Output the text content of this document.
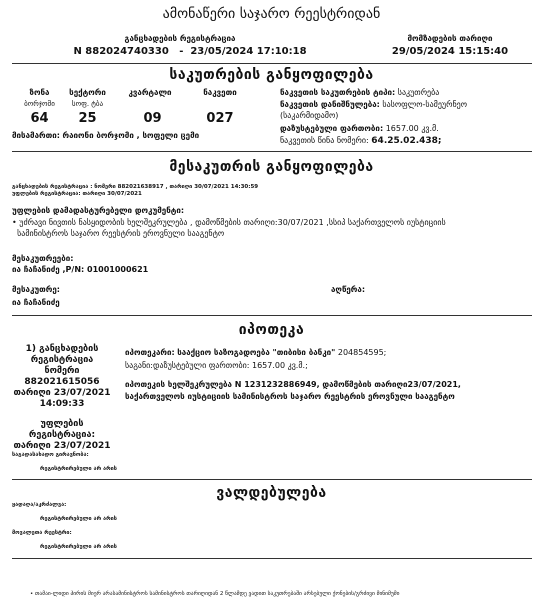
ამონაწერი საჯარო რეესტრიდან
განცხადების რეგისტრაცია
N 882024740330   -  23/05/2024 17:10:18
მომზადების თარიღი
29/05/2024 15:15:40
საკუთრების განყოფილება
ზონა
ბორჯომი
64
სექტორი
სოფ. ტბა
25
კვარტალი
09
ნაკვეთი
027
მისამართი: რაიონი ბორჯომი , სოფელი ცემი
ნაკვეთის საკუთრების ტიპი: საკუთრება
ნაკვეთის დანიშნულება: სასოფლო-სამეურნეო
(საკარმიდამო)
დაზუსტებული ფართობი: 1657.00 კვ.მ.
ნაკვეთის წინა ნომერი: 64.25.02.438;
მესაკუთრის განყოფილება
განცხადების რეგისტრაცია : ნომერი 882021638917 , თარიღი 30/07/2021 14:30:59
უფლების რეგისტრაცია: თარიღი 30/07/2021
უფლების დამადასტურებელი დოკუმენტი:
• უძრავი ნივთის ნასყიდობის ხელშეკრულება , დამოწმების თარიღი:30/07/2021 ,სსიპ საქართველოს იუსტიციის
სამინისტროს საჯარო რეესტრის ეროვნული სააგენტო
მესაკუთრეები:
ია ჩაჩანიძე ,P/N: 01001000621
მესაკუთრე:
ია ჩაჩანიძე
აღწერა:
იპოთეკა
1) განცხადების
რეგისტრაცია
ნომერი
882021615056
თარიღი 23/07/2021
14:09:33
იპოთეკარი: სააქციო საზოგადოება "თიბისი ბანკი" 204854595;
საგანი:დაზუსტებული ფართობი: 1657.00 კვ.მ.;
იპოთეკის ხელშეკრულება N 1231232886949, დამოწმების თარიღი23/07/2021,
საქართველოს იუსტიციის სამინისტროს საჯარო რეესტრის ეროვნული სააგენტო
უფლების
რეგისტრაცია:
თარიღი 23/07/2021
საგადასახადო გირავნობა:
რეგისტრირებული არ არის
ვალდებულება
ყადაღა/აკრძალვა:
რეგისტრირებული არ არის
მოვალეთა რეესტრი:
რეგისტრირებული არ არის
• თამაი-ლიდი პირის მიერ არასამინისტროს სამინისტროს თარიღიდან 2 წლამდე ვადით საკუთრებაში არსებული ქონების/გრძივი მინიმუმი
